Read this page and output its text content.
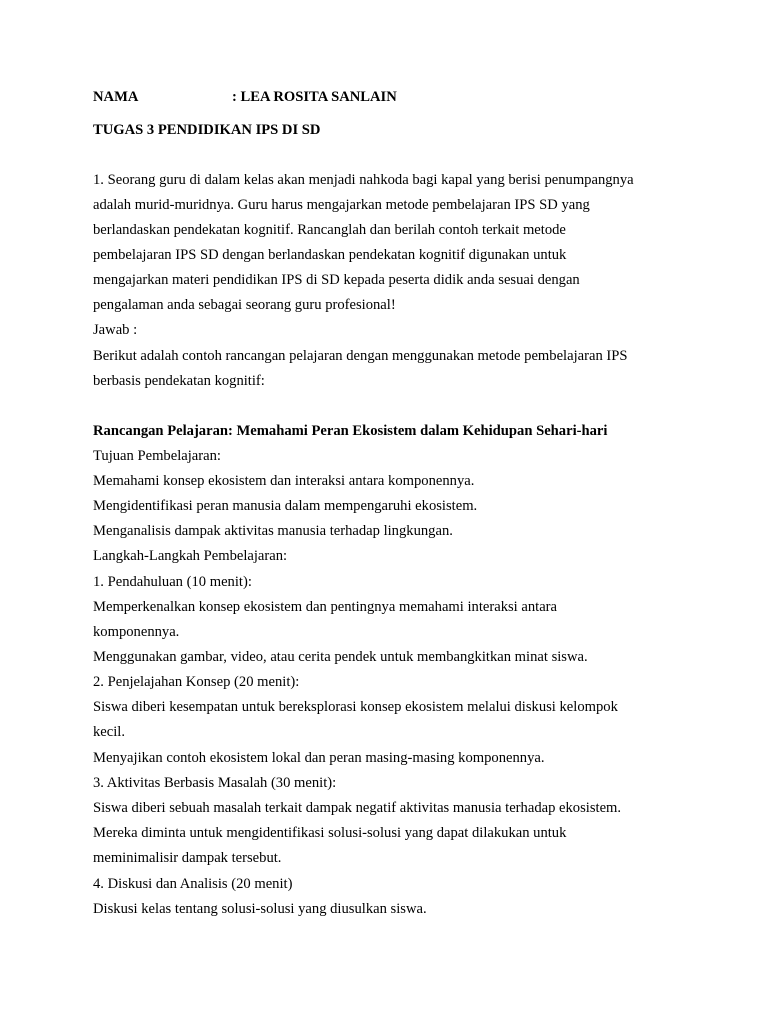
NAMA	: LEA ROSITA SANLAIN
TUGAS 3 PENDIDIKAN IPS DI SD
1. Seorang guru di dalam kelas akan menjadi nahkoda bagi kapal yang berisi penumpangnya
adalah murid-muridnya. Guru harus mengajarkan metode pembelajaran IPS SD yang
berlandaskan pendekatan kognitif. Rancanglah dan berilah contoh terkait metode
pembelajaran IPS SD dengan berlandaskan pendekatan kognitif digunakan untuk
mengajarkan materi pendidikan IPS di SD kepada peserta didik anda sesuai dengan
pengalaman anda sebagai seorang guru profesional!
Jawab :
Berikut adalah contoh rancangan pelajaran dengan menggunakan metode pembelajaran IPS
berbasis pendekatan kognitif:
Rancangan Pelajaran: Memahami Peran Ekosistem dalam Kehidupan Sehari-hari
Tujuan Pembelajaran:
Memahami konsep ekosistem dan interaksi antara komponennya.
Mengidentifikasi peran manusia dalam mempengaruhi ekosistem.
Menganalisis dampak aktivitas manusia terhadap lingkungan.
Langkah-Langkah Pembelajaran:
1. Pendahuluan (10 menit):
Memperkenalkan konsep ekosistem dan pentingnya memahami interaksi antara
komponennya.
Menggunakan gambar, video, atau cerita pendek untuk membangkitkan minat siswa.
2. Penjelajahan Konsep (20 menit):
Siswa diberi kesempatan untuk bereksplorasi konsep ekosistem melalui diskusi kelompok
kecil.
Menyajikan contoh ekosistem lokal dan peran masing-masing komponennya.
3. Aktivitas Berbasis Masalah (30 menit):
Siswa diberi sebuah masalah terkait dampak negatif aktivitas manusia terhadap ekosistem.
Mereka diminta untuk mengidentifikasi solusi-solusi yang dapat dilakukan untuk
meminimalisir dampak tersebut.
4. Diskusi dan Analisis (20 menit)
Diskusi kelas tentang solusi-solusi yang diusulkan siswa.
